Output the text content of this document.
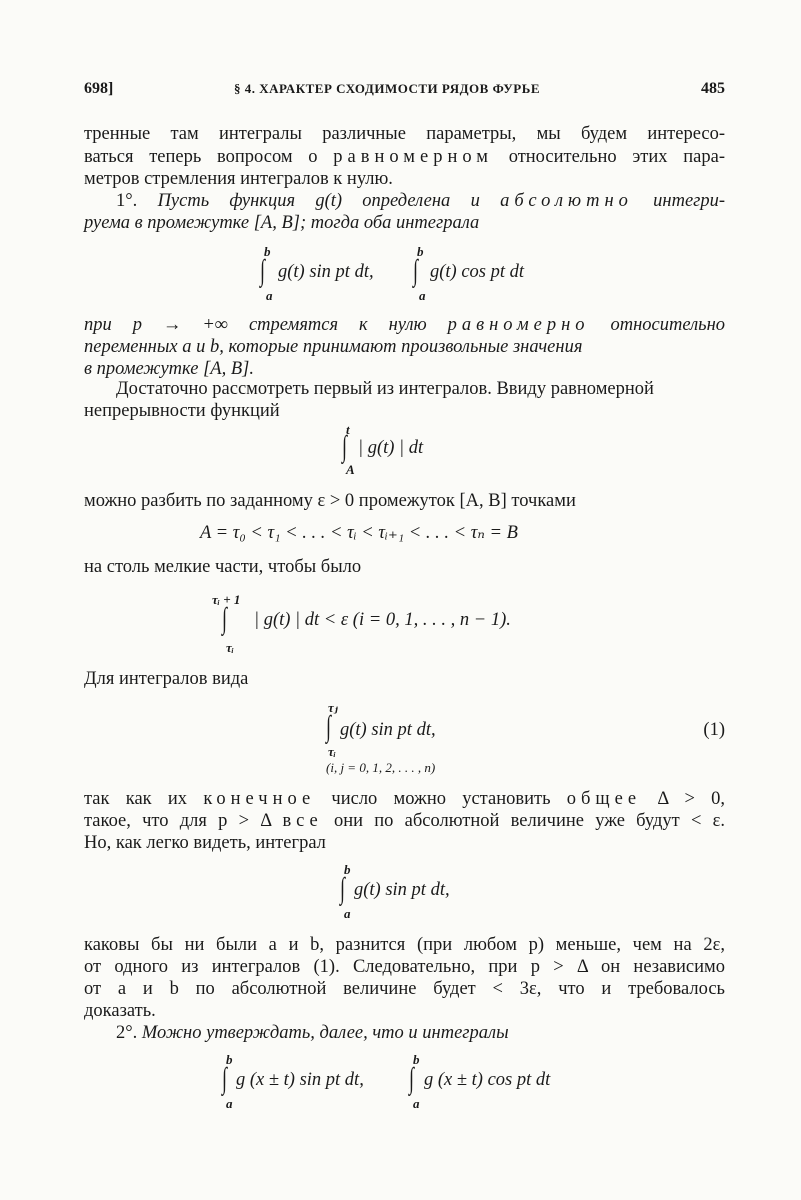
698]	§ 4. ХАРАКТЕР СХОДИМОСТИ РЯДОВ ФУРЬЕ	485
тренные там интегралы различные параметры, мы будем интересо-
ваться теперь вопросом о равномерном относительно этих пара-
метров стремления интегралов к нулю.
1°. Пусть функция g(t) определена и абсолютно интегри-
руема в промежутке [A, B]; тогда оба интеграла
b
∫
a
g(t) sin pt dt,
b
∫
a
g(t) cos pt dt
при p → +∞ стремятся к нулю равномерно относительно
переменных a и b, которые принимают произвольные значения
в промежутке [A, B].
Достаточно рассмотреть первый из интегралов. Ввиду равномерной
непрерывности функций
t
∫
A
| g(t) | dt
можно разбить по заданному ε > 0 промежуток [A, B] точками
A = τ₀ < τ₁ < . . . < τᵢ < τᵢ₊₁ < . . . < τₙ = B
на столь мелкие части, чтобы было
τᵢ + 1
∫
τᵢ
| g(t) | dt < ε (i = 0, 1, . . . , n − 1).
Для интегралов вида
τⱼ
∫
τᵢ
g(t) sin pt dt,
(i, j = 0, 1, 2, . . . , n)
(1)
так как их конечное число можно установить общее Δ > 0,
такое, что для p > Δ все они по абсолютной величине уже будут < ε.
Но, как легко видеть, интеграл
b
∫
a
g(t) sin pt dt,
каковы бы ни были a и b, разнится (при любом p) меньше, чем на 2ε,
от одного из интегралов (1). Следовательно, при p > Δ он независимо
от a и b по абсолютной величине будет < 3ε, что и требовалось
доказать.
2°. Можно утверждать, далее, что и интегралы
b
∫
a
g (x ± t) sin pt dt,
b
∫
a
g (x ± t) cos pt dt
